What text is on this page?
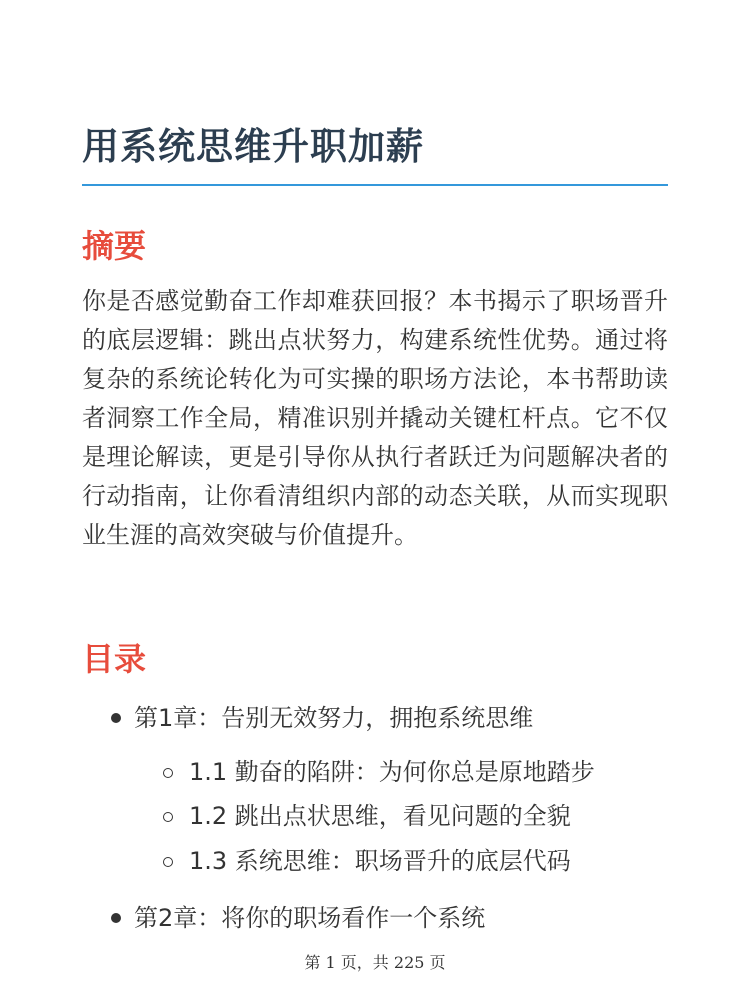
用系统思维升职加薪
摘要

你是否感觉勤奋工作却难获回报？本书揭示了职场晋升的底层逻辑：跳出点状努力，构建系统性优势。通过将复杂的系统论转化为可实操的职场方法论，本书帮助读者洞察工作全局，精准识别并撬动关键杠杆点。它不仅是理论解读，更是引导你从执行者跃迁为问题解决者的行动指南，让你看清组织内部的动态关联，从而实现职业生涯的高效突破与价值提升。

目录
第1章：告别无效努力，拥抱系统思维
1.1 勤奋的陷阱：为何你总是原地踏步
1.2 跳出点状思维，看见问题的全貌
1.3 系统思维：职场晋升的底层代码
第2章：将你的职场看作一个系统
第 1 页，共 225 页
